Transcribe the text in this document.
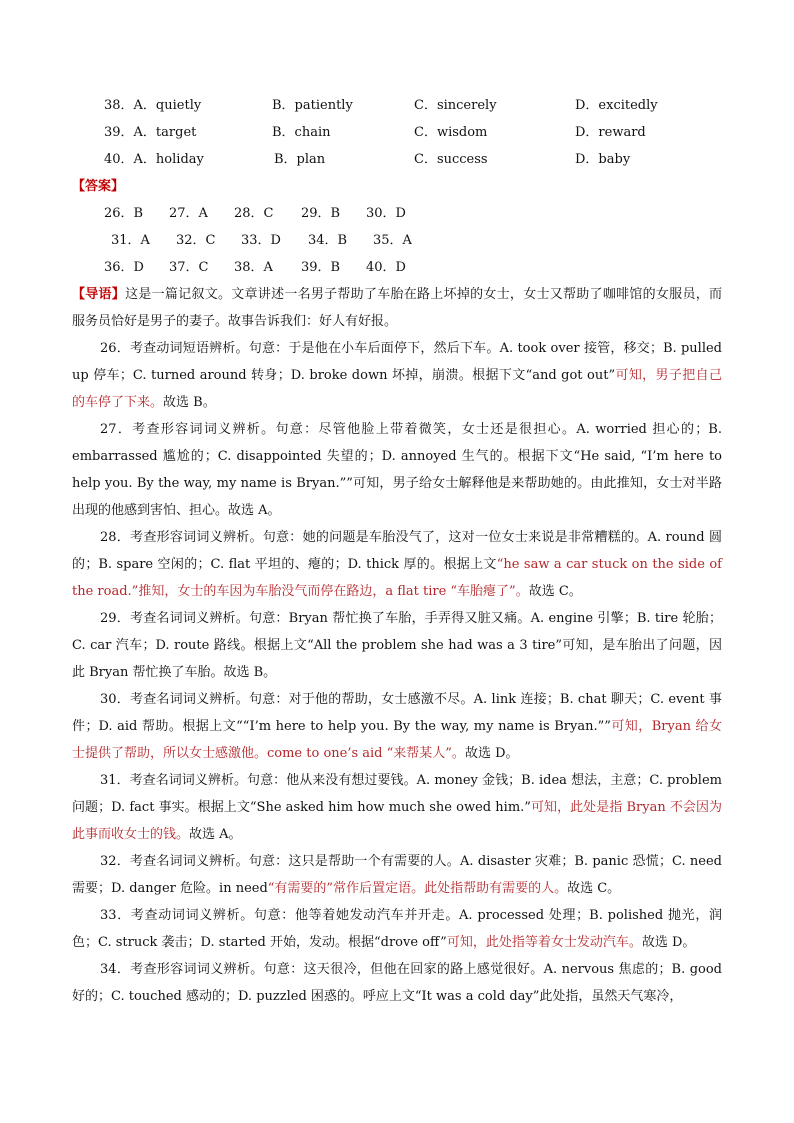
38．A．quietly	B．patiently	C．sincerely	D．excitedly
39．A．target	B．chain	C．wisdom	D．reward
40．A．holiday	B．plan	C．success	D．baby
【答案】
26．B 27．A 28．C 29．B 30．D
31．A 32．C 33．D 34．B 35．A
36．D 37．C 38．A 39．B 40．D
【导语】这是一篇记叙文。文章讲述一名男子帮助了车胎在路上坏掉的女士，女士又帮助了咖啡馆的女服员，而服务员恰好是男子的妻子。故事告诉我们：好人有好报。
26．考查动词短语辨析。句意：于是他在小车后面停下，然后下车。A. took over 接管，移交；B. pulled up 停车；C. turned around 转身；D. broke down 坏掉，崩溃。根据下文“and got out”可知，男子把自己的车停了下来。故选 B。
27．考查形容词词义辨析。句意：尽管他脸上带着微笑，女士还是很担心。A. worried 担心的；B. embarrassed 尴尬的；C. disappointed 失望的；D. annoyed 生气的。根据下文“He said, “I’m here to help you. By the way, my name is Bryan.””可知，男子给女士解释他是来帮助她的。由此推知，女士对半路出现的他感到害怕、担心。故选 A。
28．考查形容词词义辨析。句意：她的问题是车胎没气了，这对一位女士来说是非常糟糕的。A. round 圆的；B. spare 空闲的；C. flat 平坦的、瘪的；D. thick 厚的。根据上文“he saw a car stuck on the side of the road.”推知，女士的车因为车胎没气而停在路边，a flat tire “车胎瘪了”。故选 C。
29．考查名词词义辨析。句意：Bryan 帮忙换了车胎，手弄得又脏又痛。A. engine 引擎；B. tire 轮胎；C. car 汽车；D. route 路线。根据上文“All the problem she had was a 3 tire”可知，是车胎出了问题，因此 Bryan 帮忙换了车胎。故选 B。
30．考查名词词义辨析。句意：对于他的帮助，女士感激不尽。A. link 连接；B. chat 聊天；C. event 事件；D. aid 帮助。根据上文““I’m here to help you. By the way, my name is Bryan.””可知，Bryan 给女士提供了帮助，所以女士感激他。come to one’s aid “来帮某人”。故选 D。
31．考查名词词义辨析。句意：他从来没有想过要钱。A. money 金钱；B. idea 想法，主意；C. problem 问题；D. fact 事实。根据上文“She asked him how much she owed him.”可知，此处是指 Bryan 不会因为此事而收女士的钱。故选 A。
32．考查名词词义辨析。句意：这只是帮助一个有需要的人。A. disaster 灾难；B. panic 恐慌；C. need 需要；D. danger 危险。in need“有需要的”常作后置定语。此处指帮助有需要的人。故选 C。
33．考查动词词义辨析。句意：他等着她发动汽车并开走。A. processed 处理；B. polished 抛光，润色；C. struck 袭击；D. started 开始，发动。根据“drove off”可知，此处指等着女士发动汽车。故选 D。
34．考查形容词词义辨析。句意：这天很冷，但他在回家的路上感觉很好。A. nervous 焦虑的；B. good 好的；C. touched 感动的；D. puzzled 困惑的。呼应上文“It was a cold day”此处指，虽然天气寒冷，
